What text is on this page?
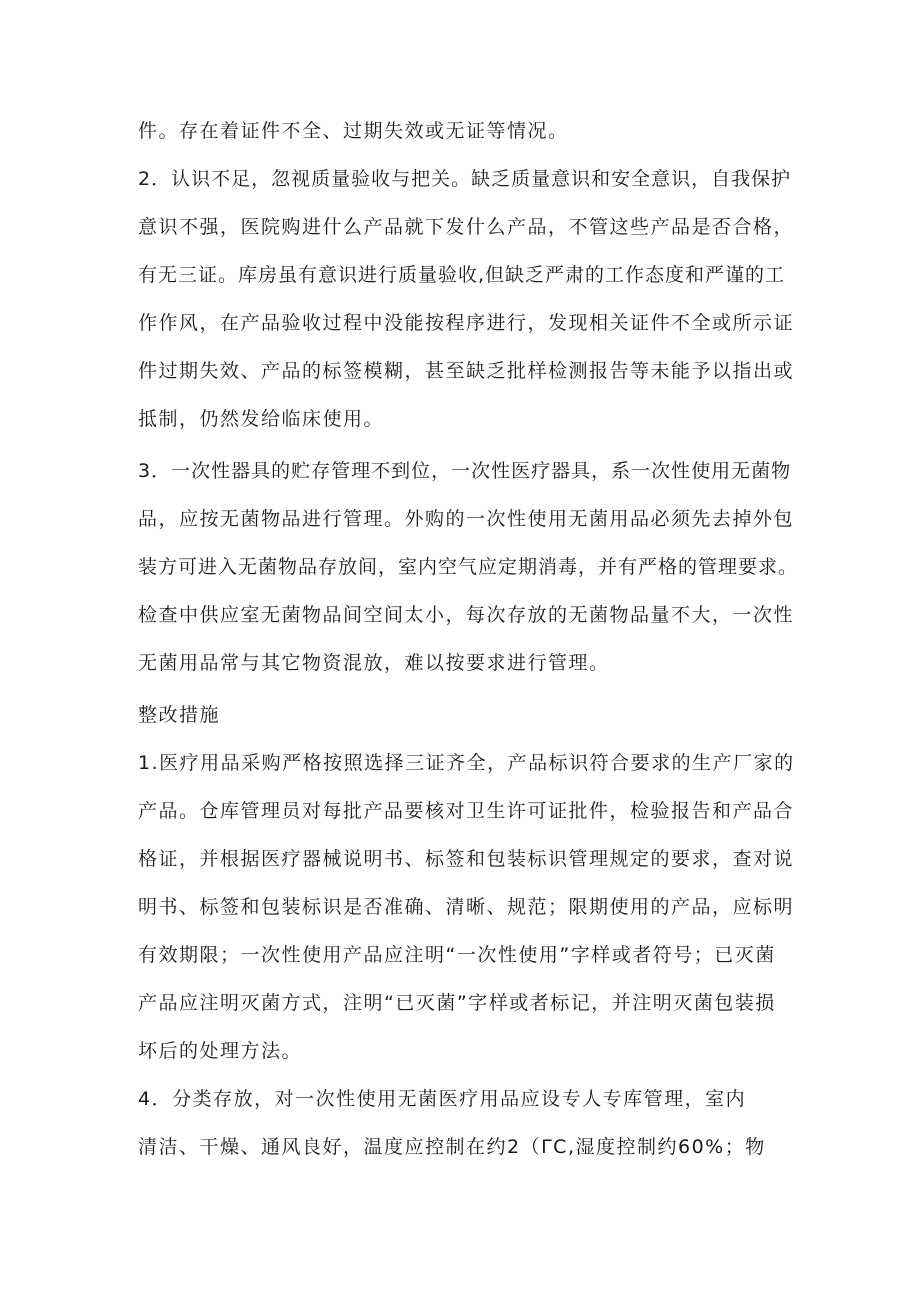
件。存在着证件不全、过期失效或无证等情况。
2．认识不足，忽视质量验收与把关。缺乏质量意识和安全意识，自我保护
意识不强，医院购进什么产品就下发什么产品，不管这些产品是否合格，
有无三证。库房虽有意识进行质量验收,但缺乏严肃的工作态度和严谨的工
作作风，在产品验收过程中没能按程序进行，发现相关证件不全或所示证
件过期失效、产品的标签模糊，甚至缺乏批样检测报告等未能予以指出或
抵制，仍然发给临床使用。
3．一次性器具的贮存管理不到位，一次性医疗器具，系一次性使用无菌物
品，应按无菌物品进行管理。外购的一次性使用无菌用品必须先去掉外包
装方可进入无菌物品存放间，室内空气应定期消毒，并有严格的管理要求。
检查中供应室无菌物品间空间太小，每次存放的无菌物品量不大，一次性
无菌用品常与其它物资混放，难以按要求进行管理。
整改措施
1.医疗用品采购严格按照选择三证齐全，产品标识符合要求的生产厂家的
产品。仓库管理员对每批产品要核对卫生许可证批件，检验报告和产品合
格证，并根据医疗器械说明书、标签和包装标识管理规定的要求，查对说
明书、标签和包装标识是否准确、清晰、规范；限期使用的产品，应标明
有效期限；一次性使用产品应注明“一次性使用”字样或者符号；已灭菌
产品应注明灭菌方式，注明“已灭菌”字样或者标记，并注明灭菌包装损
坏后的处理方法。
4．分类存放，对一次性使用无菌医疗用品应设专人专库管理，室内
清洁、干燥、通风良好，温度应控制在约2（ΓC,湿度控制约60%；物
